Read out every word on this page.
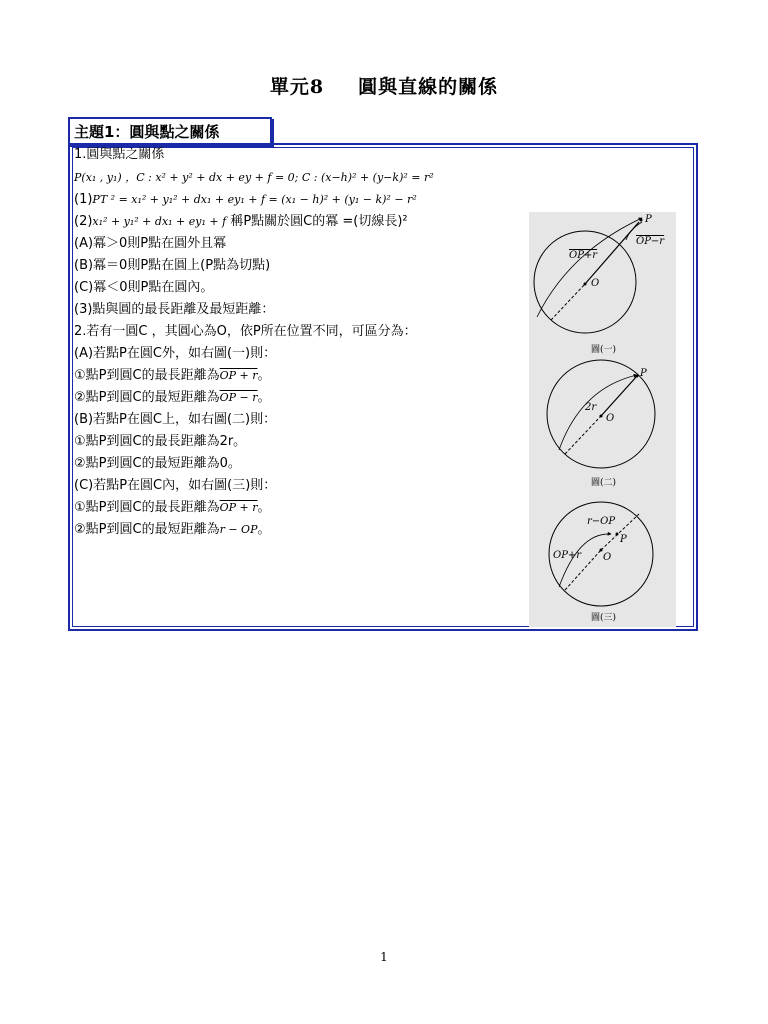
單元8 圓與直線的關係
主題1：圓與點之關係
1.圓與點之關係
P(x₁ , y₁) ，C : x² + y² + dx + ey + f = 0; C : (x−h)² + (y−k)² = r²
(1)PT ² = x₁² + y₁² + dx₁ + ey₁ + f = (x₁ − h)² + (y₁ − k)² − r²
(2)x₁² + y₁² + dx₁ + ey₁ + f 稱P點關於圓C的冪 =(切線長)²
(A)冪＞0則P點在圓外且冪
(B)冪＝0則P點在圓上(P點為切點)
(C)冪＜0則P點在圓內。
(3)點與圓的最長距離及最短距離：
2.若有一圓C ，其圓心為O，依P所在位置不同，可區分為：
(A)若點P在圓C外，如右圖(一)則：
①點P到圓C的最長距離為OP + r。
②點P到圓C的最短距離為OP − r。
(B)若點P在圓C上，如右圖(二)則：
①點P到圓C的最長距離為2r。
②點P到圓C的最短距離為0。
(C)若點P在圓C內，如右圖(三)則：
①點P到圓C的最長距離為OP + r。
②點P到圓C的最短距離為r − OP。
P
O
OP+r
OP−r
圖(一)
P
O
2r
圖(二)
P
O
r−OP
OP+r
圖(三)
1
